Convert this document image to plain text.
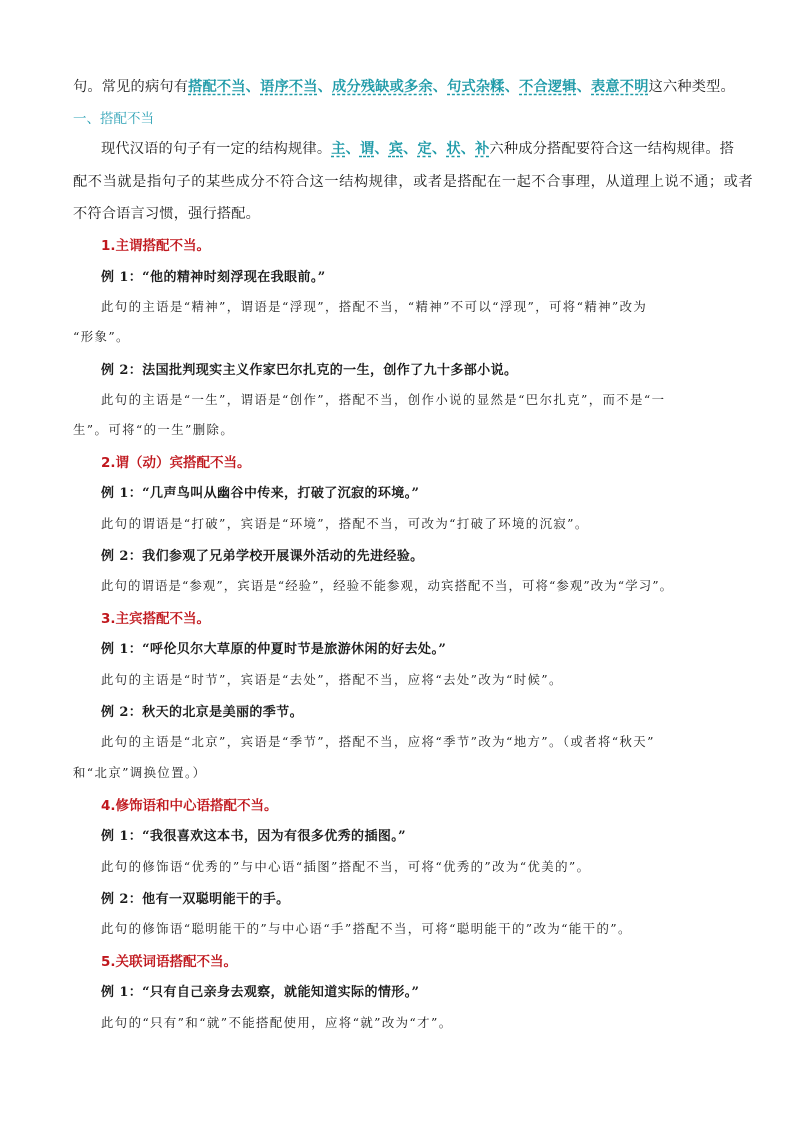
句。常见的病句有搭配不当、语序不当、成分残缺或多余、句式杂糅、不合逻辑、表意不明这六种类型。
一、搭配不当
现代汉语的句子有一定的结构规律。主、谓、宾、定、状、补六种成分搭配要符合这一结构规律。搭
配不当就是指句子的某些成分不符合这一结构规律，或者是搭配在一起不合事理，从道理上说不通；或者
不符合语言习惯，强行搭配。
1.主谓搭配不当。
例 1：“他的精神时刻浮现在我眼前。”
此句的主语是“精神”，谓语是“浮现”，搭配不当，“精神”不可以“浮现”，可将“精神”改为
“形象”。
例 2：法国批判现实主义作家巴尔扎克的一生，创作了九十多部小说。
此句的主语是“一生”，谓语是“创作”，搭配不当，创作小说的显然是“巴尔扎克”，而不是“一
生”。可将“的一生”删除。
2.谓（动）宾搭配不当。
例 1：“几声鸟叫从幽谷中传来，打破了沉寂的环境。”
此句的谓语是“打破”，宾语是“环境”，搭配不当，可改为“打破了环境的沉寂”。
例 2：我们参观了兄弟学校开展课外活动的先进经验。
此句的谓语是“参观”，宾语是“经验”，经验不能参观，动宾搭配不当，可将“参观”改为“学习”。
3.主宾搭配不当。
例 1：“呼伦贝尔大草原的仲夏时节是旅游休闲的好去处。”
此句的主语是“时节”，宾语是“去处”，搭配不当，应将“去处”改为“时候”。
例 2：秋天的北京是美丽的季节。
此句的主语是“北京”，宾语是“季节”，搭配不当，应将“季节”改为“地方”。（或者将“秋天”
和“北京”调换位置。）
4.修饰语和中心语搭配不当。
例 1：“我很喜欢这本书，因为有很多优秀的插图。”
此句的修饰语“优秀的”与中心语“插图”搭配不当，可将“优秀的”改为“优美的”。
例 2：他有一双聪明能干的手。
此句的修饰语“聪明能干的”与中心语“手”搭配不当，可将“聪明能干的”改为“能干的”。
5.关联词语搭配不当。
例 1：“只有自己亲身去观察，就能知道实际的情形。”
此句的“只有”和“就”不能搭配使用，应将“就”改为“才”。
